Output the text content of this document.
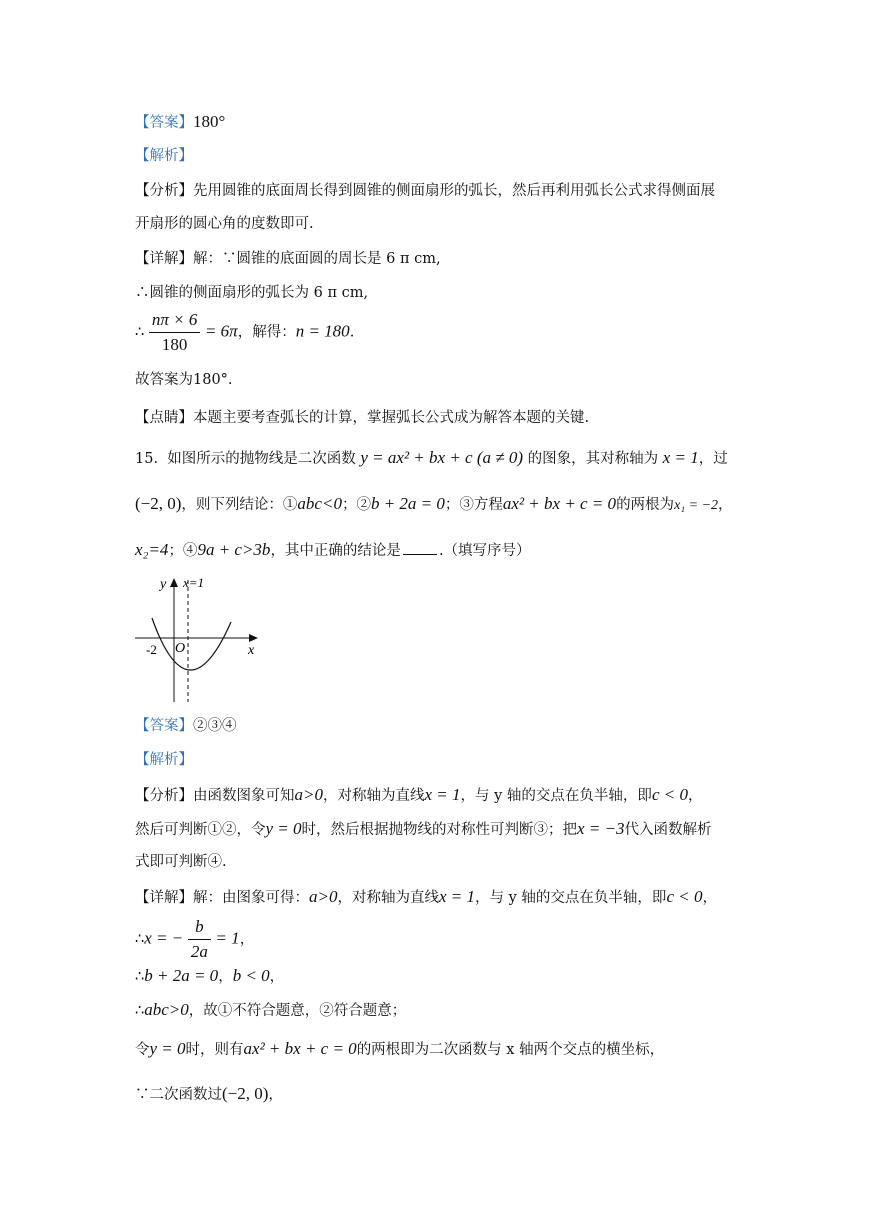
【答案】180°
【解析】
【分析】先用圆锥的底面周长得到圆锥的侧面扇形的弧长，然后再利用弧长公式求得侧面展
开扇形的圆心角的度数即可.
【详解】解：∵圆锥的底面圆的周长是 6 π cm,
∴圆锥的侧面扇形的弧长为 6 π cm,
∴ $\frac{n\pi \times 6}{180} = 6\pi$，解得：n = 180.
故答案为180°.
【点睛】本题主要考查弧长的计算，掌握弧长公式成为解答本题的关键.
15. 如图所示的抛物线是二次函数 y = ax² + bx + c (a ≠ 0) 的图象，其对称轴为 x = 1，过
(−2, 0)，则下列结论：①abc<0；②b + 2a = 0；③方程ax² + bx + c = 0的两根为x₁ = −2，
x₂=4；④9a + c>3b，其中正确的结论是	.（填写序号）
y x=1
O
-2	x
【答案】②③④
【解析】
【分析】由函数图象可知a>0，对称轴为直线x = 1，与 y 轴的交点在负半轴，即c < 0，
然后可判断①②，令y = 0时，然后根据抛物线的对称性可判断③；把x = −3代入函数解析
式即可判断④.
【详解】解：由图象可得：a>0，对称轴为直线x = 1，与 y 轴的交点在负半轴，即c < 0，
∴x = − $\frac{b}{2a} = 1$，
∴b + 2a = 0，b < 0，
∴abc>0，故①不符合题意，②符合题意；
令y = 0时，则有ax² + bx + c = 0的两根即为二次函数与 x 轴两个交点的横坐标，
∵二次函数过(−2, 0)，
